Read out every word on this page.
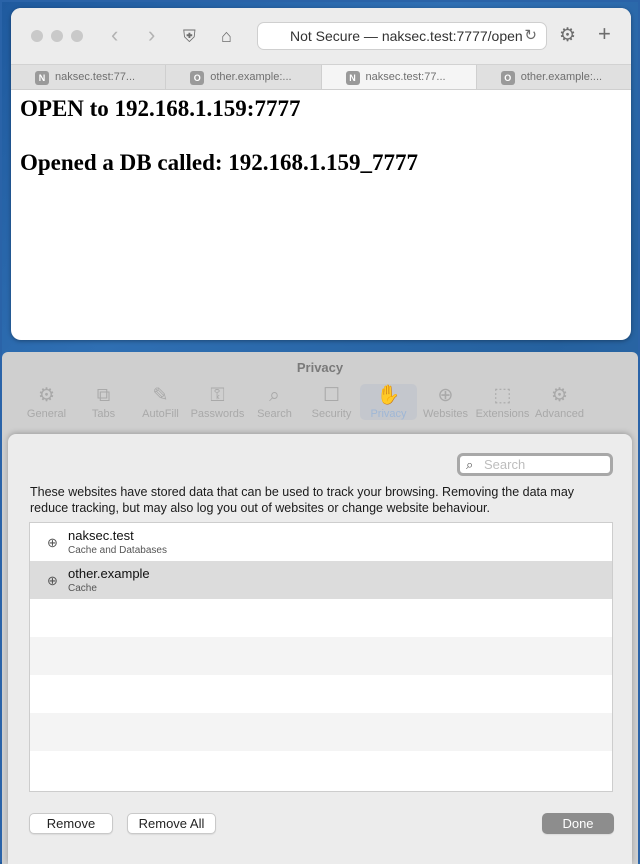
‹ › ⛨ ⌂	Not Secure — naksec.test:7777/open ↻ ⚙ +
N naksec.test:77...	O other.example:...	N naksec.test:77...	O other.example:...
OPEN to 192.168.1.159:7777
Opened a DB called: 192.168.1.159_7777
Privacy
⚙
General
⧉
Tabs
✎
AutoFill
⚿
Passwords
⌕
Search
☐
Security
✋
Privacy
⊕
Websites
⬚
Extensions
⚙
Advanced
⌕
Search
These websites have stored data that can be used to track your browsing. Removing the data may reduce tracking, but may also log you out of websites or change website behaviour.
⊕ naksec.test
Cache and Databases
⊕ other.example
Cache
Remove	Remove All	Done
